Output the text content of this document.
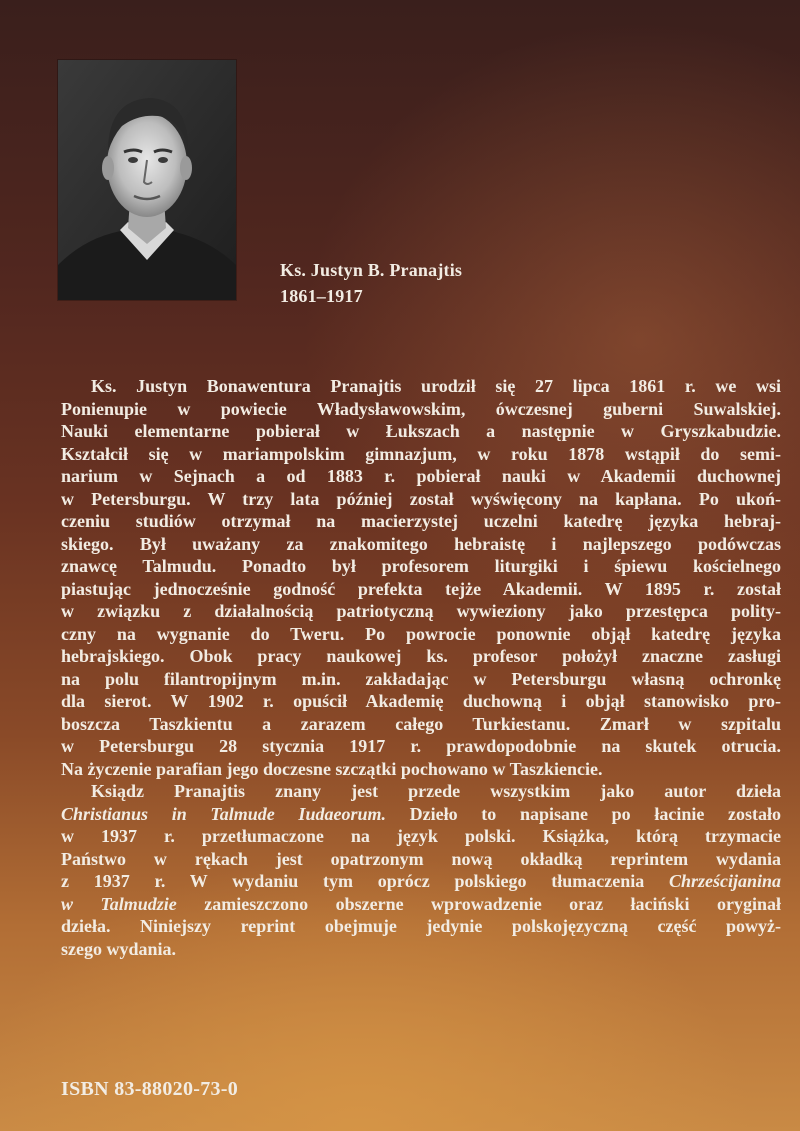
Ks. Justyn B. Pranajtis
1861–1917

Ks. Justyn Bonawentura Pranajtis urodził się 27 lipca 1861 r. we wsi
Ponienupie w powiecie Władysławowskim, ówczesnej guberni Suwalskiej.
Nauki elementarne pobierał w Łukszach a następnie w Gryszkabudzie.
Kształcił się w mariampolskim gimnazjum, w roku 1878 wstąpił do semi-
narium w Sejnach a od 1883 r. pobierał nauki w Akademii duchownej
w Petersburgu. W trzy lata później został wyświęcony na kapłana. Po ukoń-
czeniu studiów otrzymał na macierzystej uczelni katedrę języka hebraj-
skiego. Był uważany za znakomitego hebraistę i najlepszego podówczas
znawcę Talmudu. Ponadto był profesorem liturgiki i śpiewu kościelnego
piastując jednocześnie godność prefekta tejże Akademii. W 1895 r. został
w związku z działalnością patriotyczną wywieziony jako przestępca polity-
czny na wygnanie do Tweru. Po powrocie ponownie objął katedrę języka
hebrajskiego. Obok pracy naukowej ks. profesor położył znaczne zasługi
na polu filantropijnym m.in. zakładając w Petersburgu własną ochronkę
dla sierot. W 1902 r. opuścił Akademię duchowną i objął stanowisko pro-
boszcza Taszkientu a zarazem całego Turkiestanu. Zmarł w szpitalu
w Petersburgu 28 stycznia 1917 r. prawdopodobnie na skutek otrucia.
Na życzenie parafian jego doczesne szczątki pochowano w Taszkiencie.

Ksiądz Pranajtis znany jest przede wszystkim jako autor dzieła
Christianus in Talmude Iudaeorum. Dzieło to napisane po łacinie zostało
w 1937 r. przetłumaczone na język polski. Książka, którą trzymacie
Państwo w rękach jest opatrzonym nową okładką reprintem wydania
z 1937 r. W wydaniu tym oprócz polskiego tłumaczenia Chrześcijanina
w Talmudzie zamieszczono obszerne wprowadzenie oraz łaciński oryginał
dzieła. Niniejszy reprint obejmuje jedynie polskojęzyczną część powyż-
szego wydania.

ISBN 83-88020-73-0
